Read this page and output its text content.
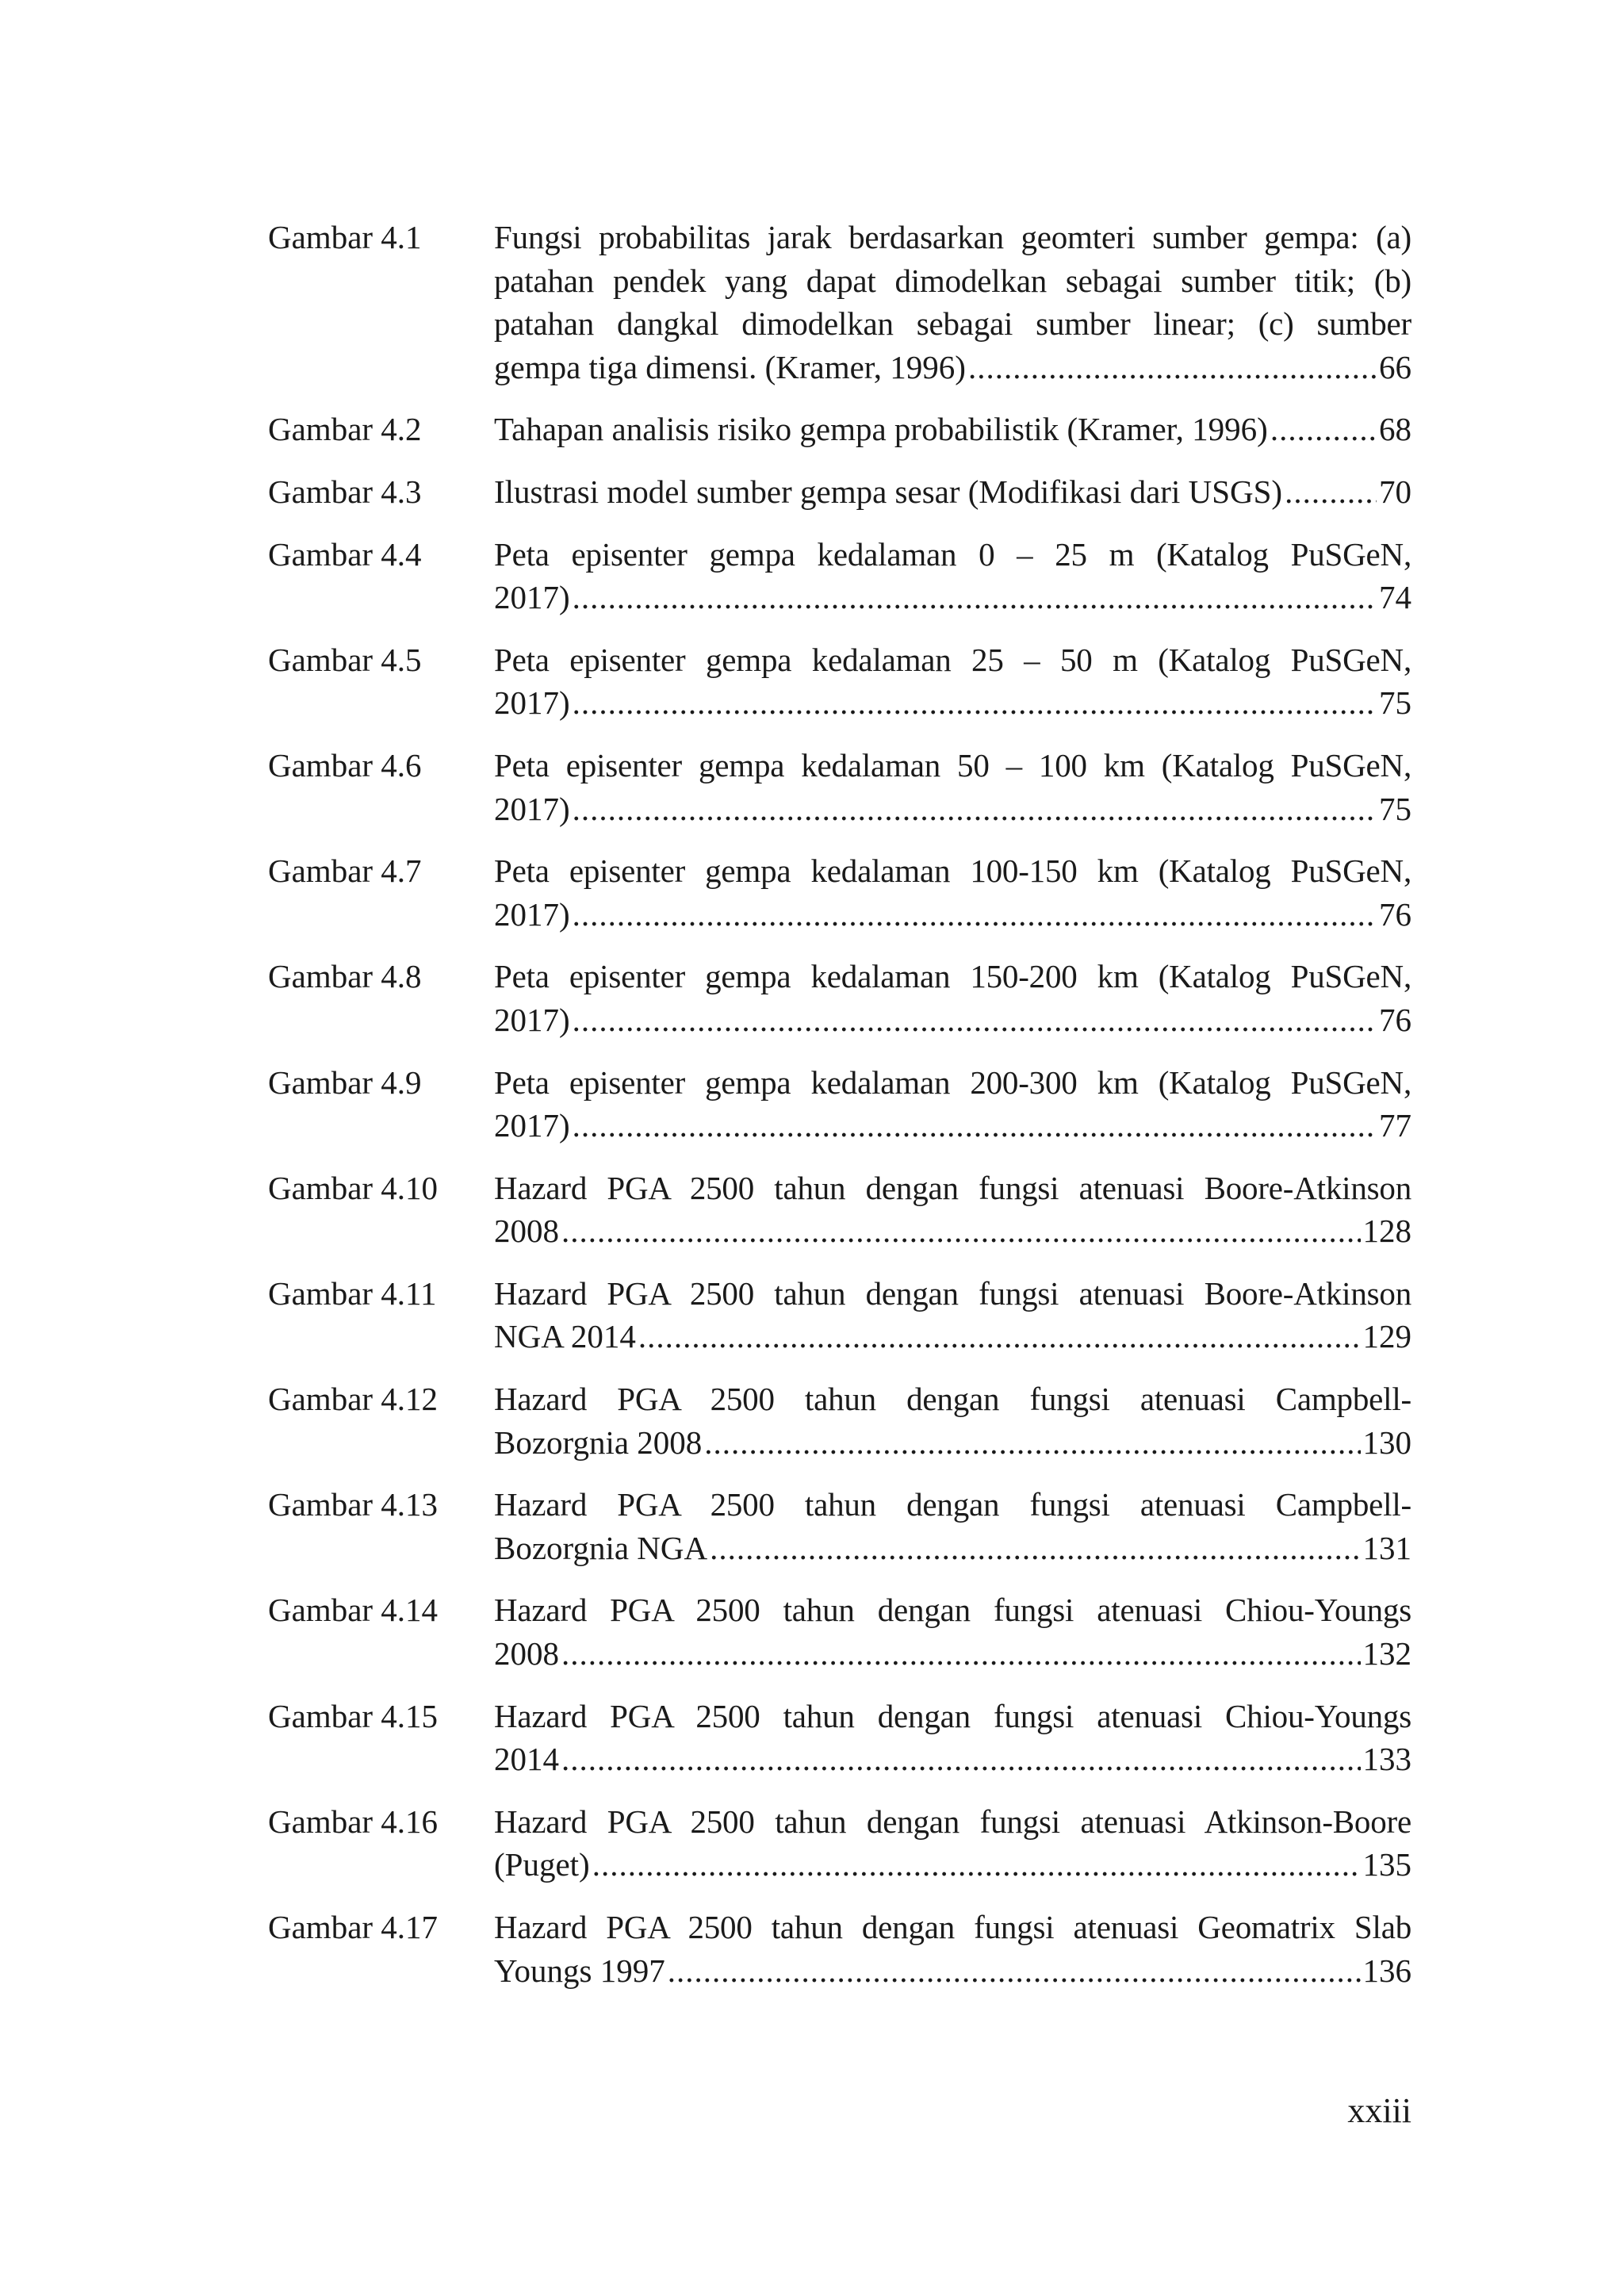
Gambar 4.1	Fungsi probabilitas jarak berdasarkan geomteri sumber gempa: (a)
patahan pendek yang dapat dimodelkan sebagai sumber titik; (b)
patahan dangkal dimodelkan sebagai sumber linear; (c) sumber
gempa tiga dimensi. (Kramer, 1996) .....	66
Gambar 4.2	Tahapan analisis risiko gempa probabilistik (Kramer, 1996) .....	68
Gambar 4.3	Ilustrasi model sumber gempa sesar (Modifikasi dari USGS) .....	70
Gambar 4.4	Peta episenter gempa kedalaman 0 – 25 m (Katalog PuSGeN,
2017) .....	74
Gambar 4.5	Peta episenter gempa kedalaman 25 – 50 m (Katalog PuSGeN,
2017) .....	75
Gambar 4.6	Peta episenter gempa kedalaman 50 – 100 km (Katalog PuSGeN,
2017) .....	75
Gambar 4.7	Peta episenter gempa kedalaman 100-150 km (Katalog PuSGeN,
2017) .....	76
Gambar 4.8	Peta episenter gempa kedalaman 150-200 km (Katalog PuSGeN,
2017) .....	76
Gambar 4.9	Peta episenter gempa kedalaman 200-300 km (Katalog PuSGeN,
2017) .....	77
Gambar 4.10	Hazard PGA 2500 tahun dengan fungsi atenuasi Boore-Atkinson
2008 .....	128
Gambar 4.11	Hazard PGA 2500 tahun dengan fungsi atenuasi Boore-Atkinson
NGA 2014 .....	129
Gambar 4.12	Hazard PGA 2500 tahun dengan fungsi atenuasi Campbell-
Bozorgnia 2008 .....	130
Gambar 4.13	Hazard PGA 2500 tahun dengan fungsi atenuasi Campbell-
Bozorgnia NGA .....	131
Gambar 4.14	Hazard PGA 2500 tahun dengan fungsi atenuasi Chiou-Youngs
2008 .....	132
Gambar 4.15	Hazard PGA 2500 tahun dengan fungsi atenuasi Chiou-Youngs
2014 .....	133
Gambar 4.16	Hazard PGA 2500 tahun dengan fungsi atenuasi Atkinson-Boore
(Puget) .....	135
Gambar 4.17	Hazard PGA 2500 tahun dengan fungsi atenuasi Geomatrix Slab
Youngs 1997 .....	136
xxiii
